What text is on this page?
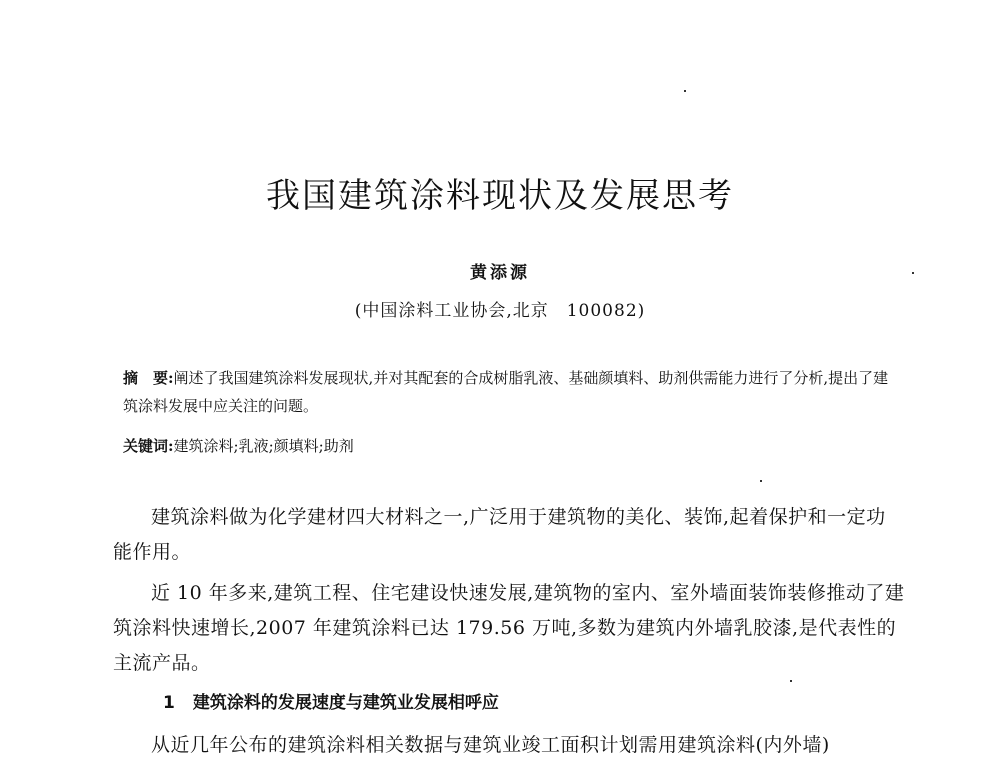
我国建筑涂料现状及发展思考
黄添源
(中国涂料工业协会,北京　100082)
摘　要:阐述了我国建筑涂料发展现状,并对其配套的合成树脂乳液、基础颜填料、助剂供需能力进行了分析,提出了建筑涂料发展中应关注的问题。
关键词:建筑涂料;乳液;颜填料;助剂
建筑涂料做为化学建材四大材料之一,广泛用于建筑物的美化、装饰,起着保护和一定功能作用。
近 10 年多来,建筑工程、住宅建设快速发展,建筑物的室内、室外墙面装饰装修推动了建筑涂料快速增长,2007 年建筑涂料已达 179.56 万吨,多数为建筑内外墙乳胶漆,是代表性的主流产品。
1 建筑涂料的发展速度与建筑业发展相呼应
从近几年公布的建筑涂料相关数据与建筑业竣工面积计划需用建筑涂料(内外墙)
